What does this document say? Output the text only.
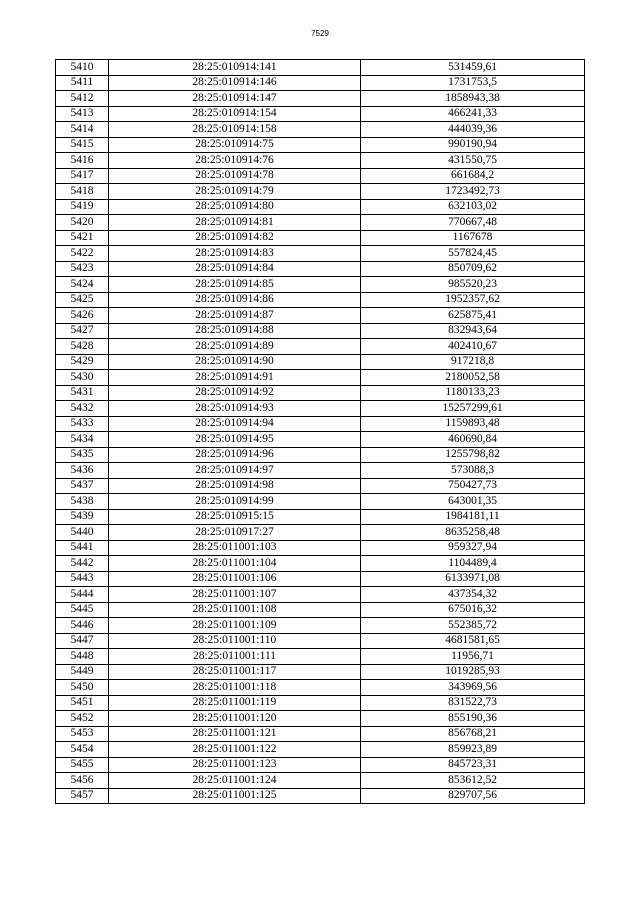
7529
5410	28:25:010914:141	531459,61
5411	28:25:010914:146	1731753,5
5412	28:25:010914:147	1858943,38
5413	28:25:010914:154	466241,33
5414	28:25:010914:158	444039,36
5415	28:25:010914:75	990190,94
5416	28:25:010914:76	431550,75
5417	28:25:010914:78	661684,2
5418	28:25:010914:79	1723492,73
5419	28:25:010914:80	632103,02
5420	28:25:010914:81	770667,48
5421	28:25:010914:82	1167678
5422	28:25:010914:83	557824,45
5423	28:25:010914:84	850709,62
5424	28:25:010914:85	985520,23
5425	28:25:010914:86	1952357,62
5426	28:25:010914:87	625875,41
5427	28:25:010914:88	832943,64
5428	28:25:010914:89	402410,67
5429	28:25:010914:90	917218,8
5430	28:25:010914:91	2180052,58
5431	28:25:010914:92	1180133,23
5432	28:25:010914:93	15257299,61
5433	28:25:010914:94	1159893,48
5434	28:25:010914:95	460690,84
5435	28:25:010914:96	1255798,82
5436	28:25:010914:97	573088,3
5437	28:25:010914:98	750427,73
5438	28:25:010914:99	643001,35
5439	28:25:010915:15	1984181,11
5440	28:25:010917:27	8635258,48
5441	28:25:011001:103	959327,94
5442	28:25:011001:104	1104489,4
5443	28:25:011001:106	6133971,08
5444	28:25:011001:107	437354,32
5445	28:25:011001:108	675016,32
5446	28:25:011001:109	552385,72
5447	28:25:011001:110	4681581,65
5448	28:25:011001:111	11956,71
5449	28:25:011001:117	1019285,93
5450	28:25:011001:118	343969,56
5451	28:25:011001:119	831522,73
5452	28:25:011001:120	855190,36
5453	28:25:011001:121	856768,21
5454	28:25:011001:122	859923,89
5455	28:25:011001:123	845723,31
5456	28:25:011001:124	853612,52
5457	28:25:011001:125	829707,56
